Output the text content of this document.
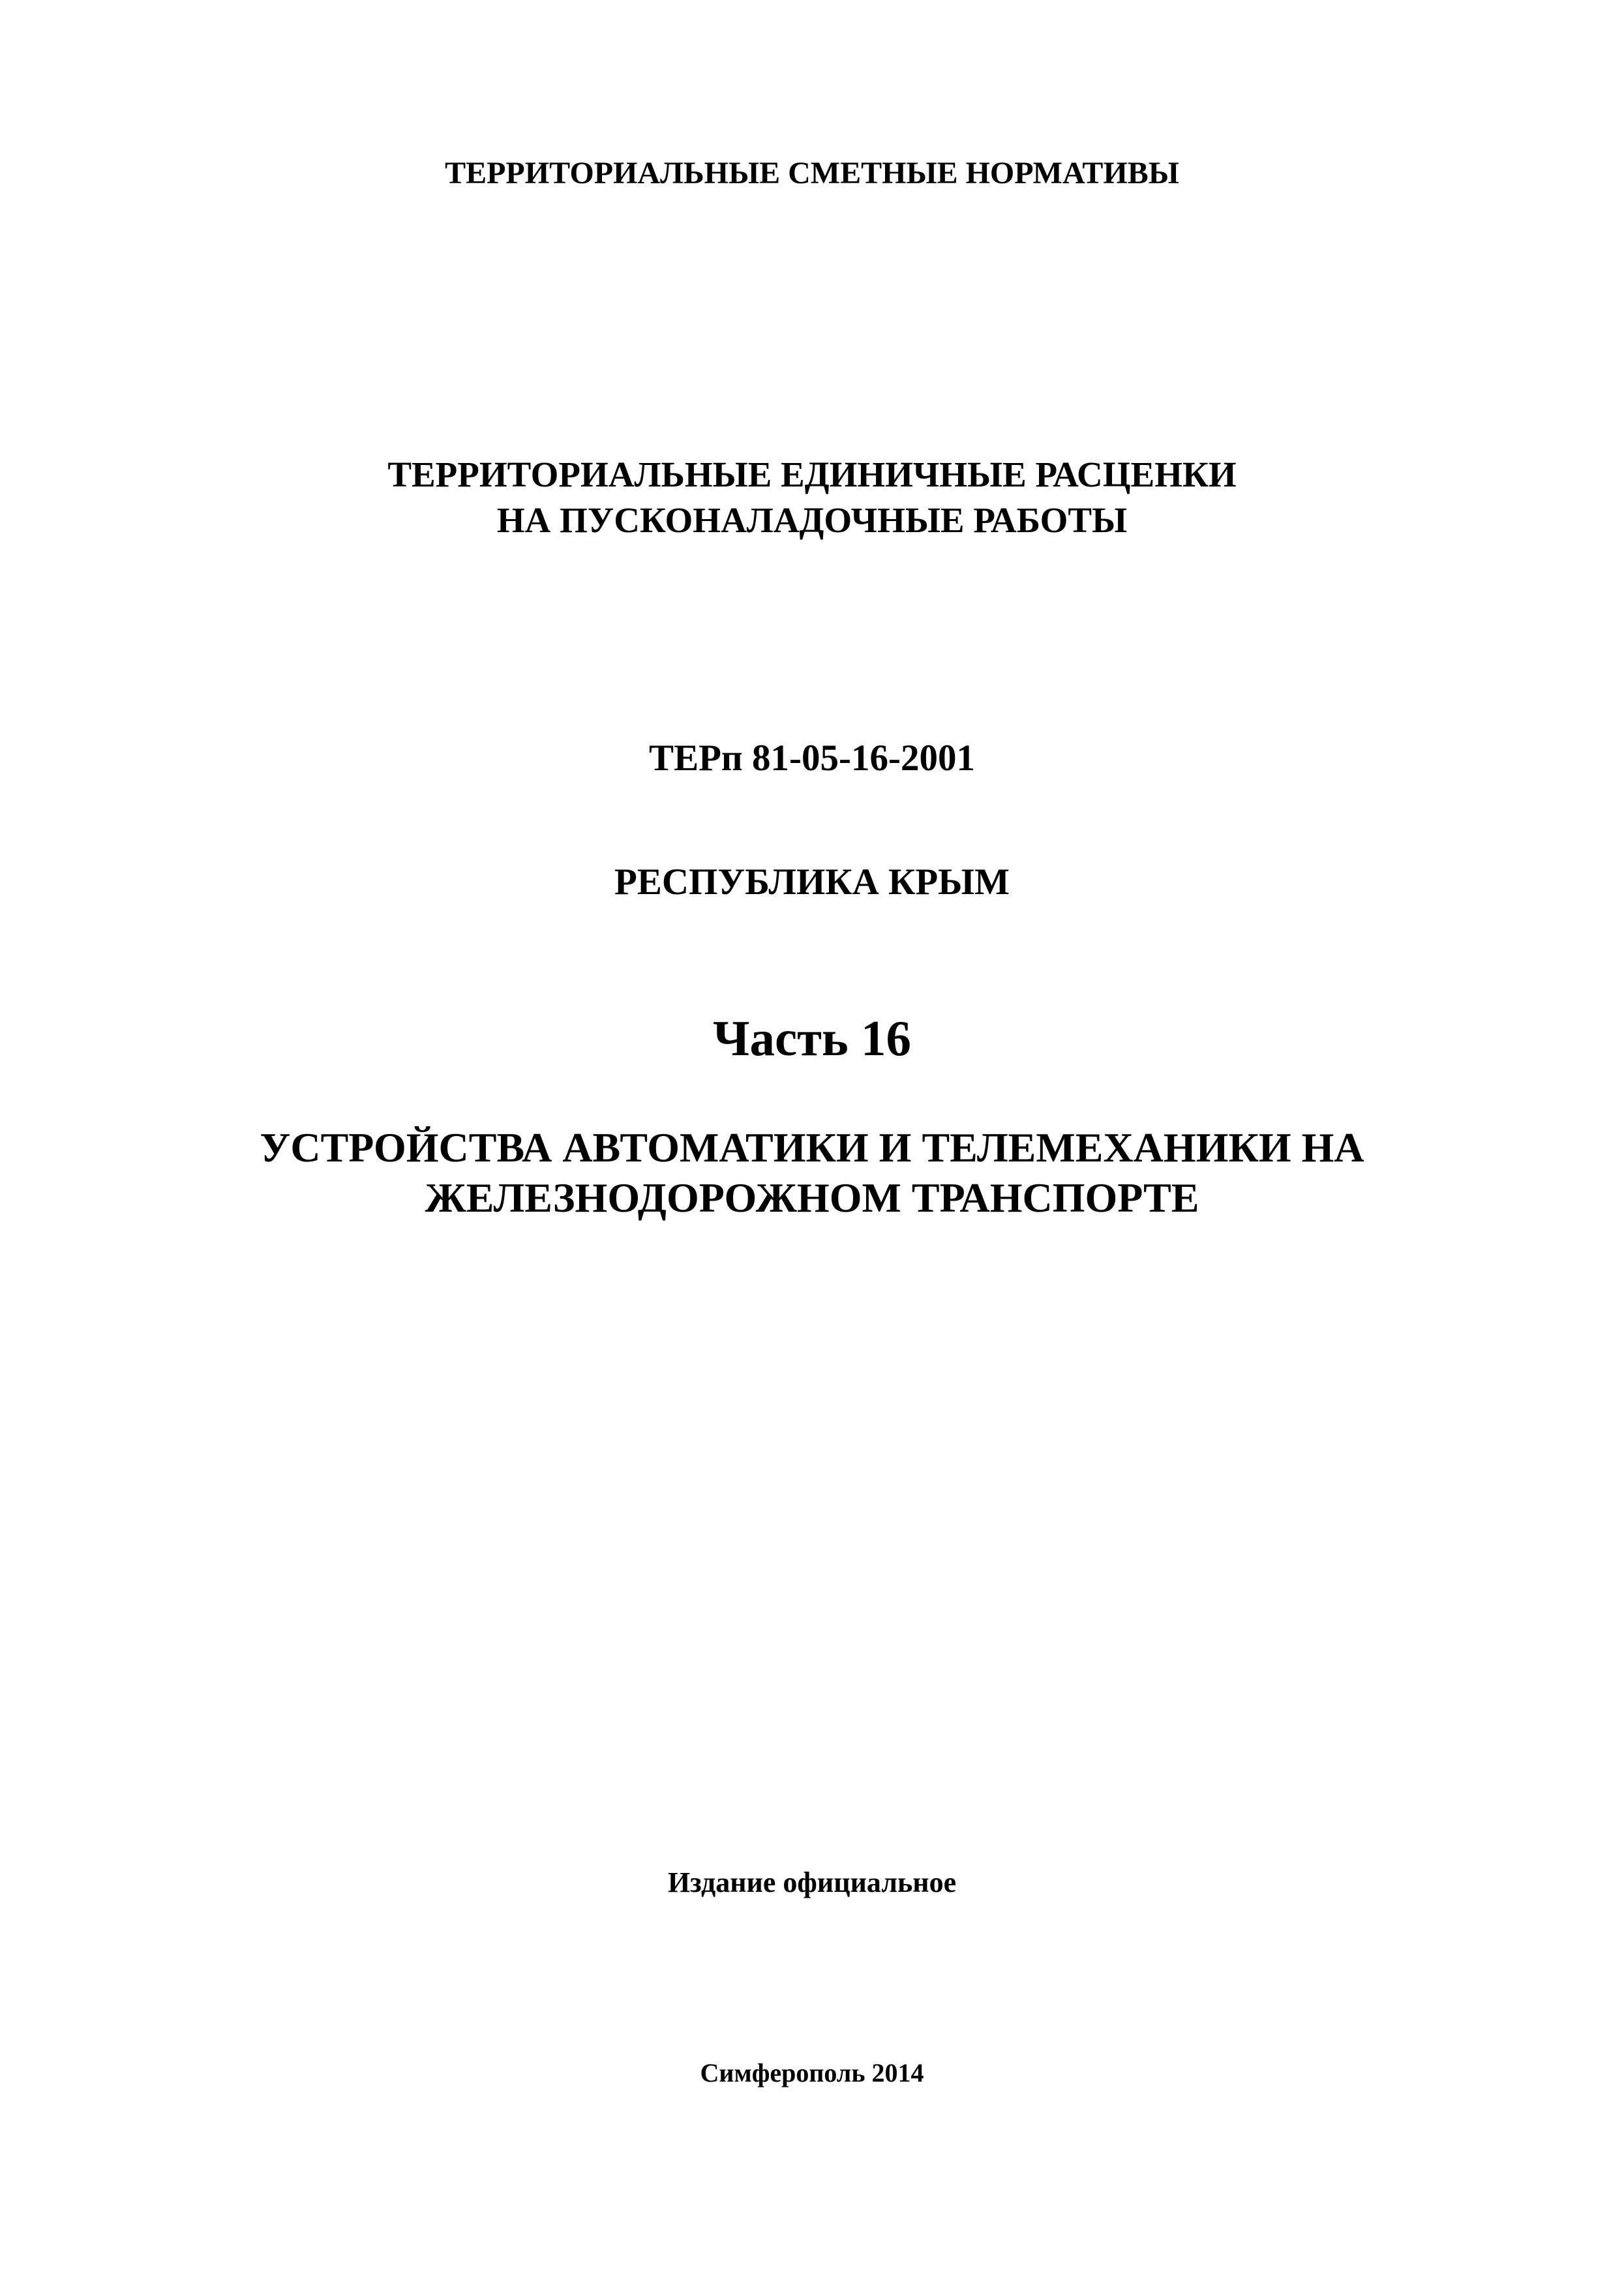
ТЕРРИТОРИАЛЬНЫЕ СМЕТНЫЕ НОРМАТИВЫ
ТЕРРИТОРИАЛЬНЫЕ ЕДИНИЧНЫЕ РАСЦЕНКИ
НА ПУСКОНАЛАДОЧНЫЕ РАБОТЫ
ТЕРп 81-05-16-2001
РЕСПУБЛИКА КРЫМ
Часть 16
УСТРОЙСТВА АВТОМАТИКИ И ТЕЛЕМЕХАНИКИ НА
ЖЕЛЕЗНОДОРОЖНОМ ТРАНСПОРТЕ
Издание официальное
Симферополь 2014
